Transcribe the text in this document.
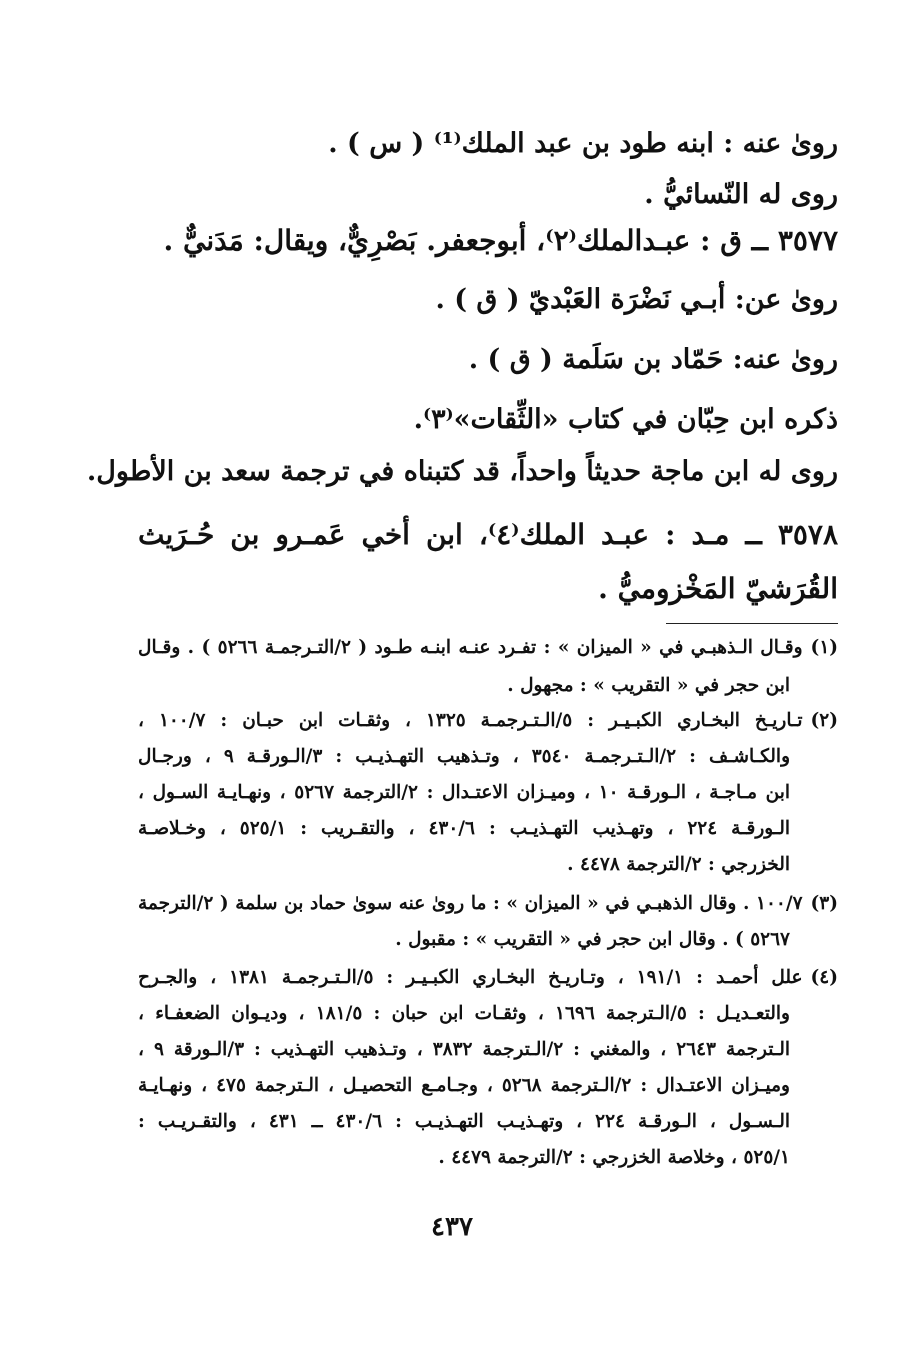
رویٰ عنه : ابنه طود بن عبد الملك⁽¹⁾ ( س ) .
روى له النّسائيُّ .
٣٥٧٧ ــ ق : عبـدالملك⁽٢⁾، أبوجعفر. بَصْرِيٌّ، ويقال: مَدَنيٌّ .
رویٰ عن: أبـي نَضْرَة العَبْديّ ( ق ) .
رویٰ عنه: حَمّاد بن سَلَمة ( ق ) .
ذكره ابن حِبّان في كتاب «الثِّقات»⁽٣⁾.
روى له ابن ماجة حديثاً واحداً، قد كتبناه في ترجمة سعد بن الأطول.
٣٥٧٨ ــ مـد : عبـد الملك⁽٤⁾، ابن أخي عَمـرو بن حُـرَيث
القُرَشيّ المَخْزوميُّ .
(١)وقـال الـذهبـي في « الميزان » : تفـرد عنـه ابنـه طـود ( ٢/التـرجمـة ٥٢٦٦ ) . وقـال
ابن حجر في « التقريب » : مجهول .
(٢)تـاريـخ البخـاري الكبـيـر : ٥/الـتـرجمـة ١٣٢٥ ، وثقـات ابن حبـان : ١٠٠/٧ ،
والكـاشـف : ٢/الـتـرجمـة ٣٥٤٠ ، وتـذهيب التهـذيـب : ٣/الـورقـة ٩ ، ورجـال
ابن مـاجـة ، الـورقـة ١٠ ، وميـزان الاعتـدال : ٢/الترجمة ٥٢٦٧ ، ونهـايـة السـول ،
الـورقـة ٢٢٤ ، وتهـذيب التهـذيـب : ٤٣٠/٦ ، والتقـريب : ٥٢٥/١ ، وخـلاصـة
الخزرجي : ٢/الترجمة ٤٤٧٨ .
(٣)١٠٠/٧ . وقال الذهبـي في « الميزان » : ما رویٰ عنه سویٰ حماد بن سلمة ( ٢/الترجمة
٥٢٦٧ ) . وقال ابن حجر في « التقريب » : مقبول .
(٤)علل أحمـد : ١٩١/١ ، وتـاريـخ البخـاري الكبـيـر : ٥/الـتـرجمـة ١٣٨١ ، والجـرح
والتعـديـل : ٥/الـترجمة ١٦٩٦ ، وثقـات ابن حبان : ١٨١/٥ ، وديـوان الضعفـاء ،
الـترجمة ٢٦٤٣ ، والمغني : ٢/الـترجمة ٣٨٣٢ ، وتـذهيب التهـذيب : ٣/الـورقة ٩ ،
وميـزان الاعتـدال : ٢/الـترجمة ٥٢٦٨ ، وجـامـع التحصيـل ، الـترجمة ٤٧٥ ، ونهـايـة
الـسـول ، الـورقـة ٢٢٤ ، وتهـذيـب التهـذيـب : ٤٣٠/٦ ــ ٤٣١ ، والتقـريـب :
٥٢٥/١ ، وخلاصة الخزرجي : ٢/الترجمة ٤٤٧٩ .
٤٣٧
